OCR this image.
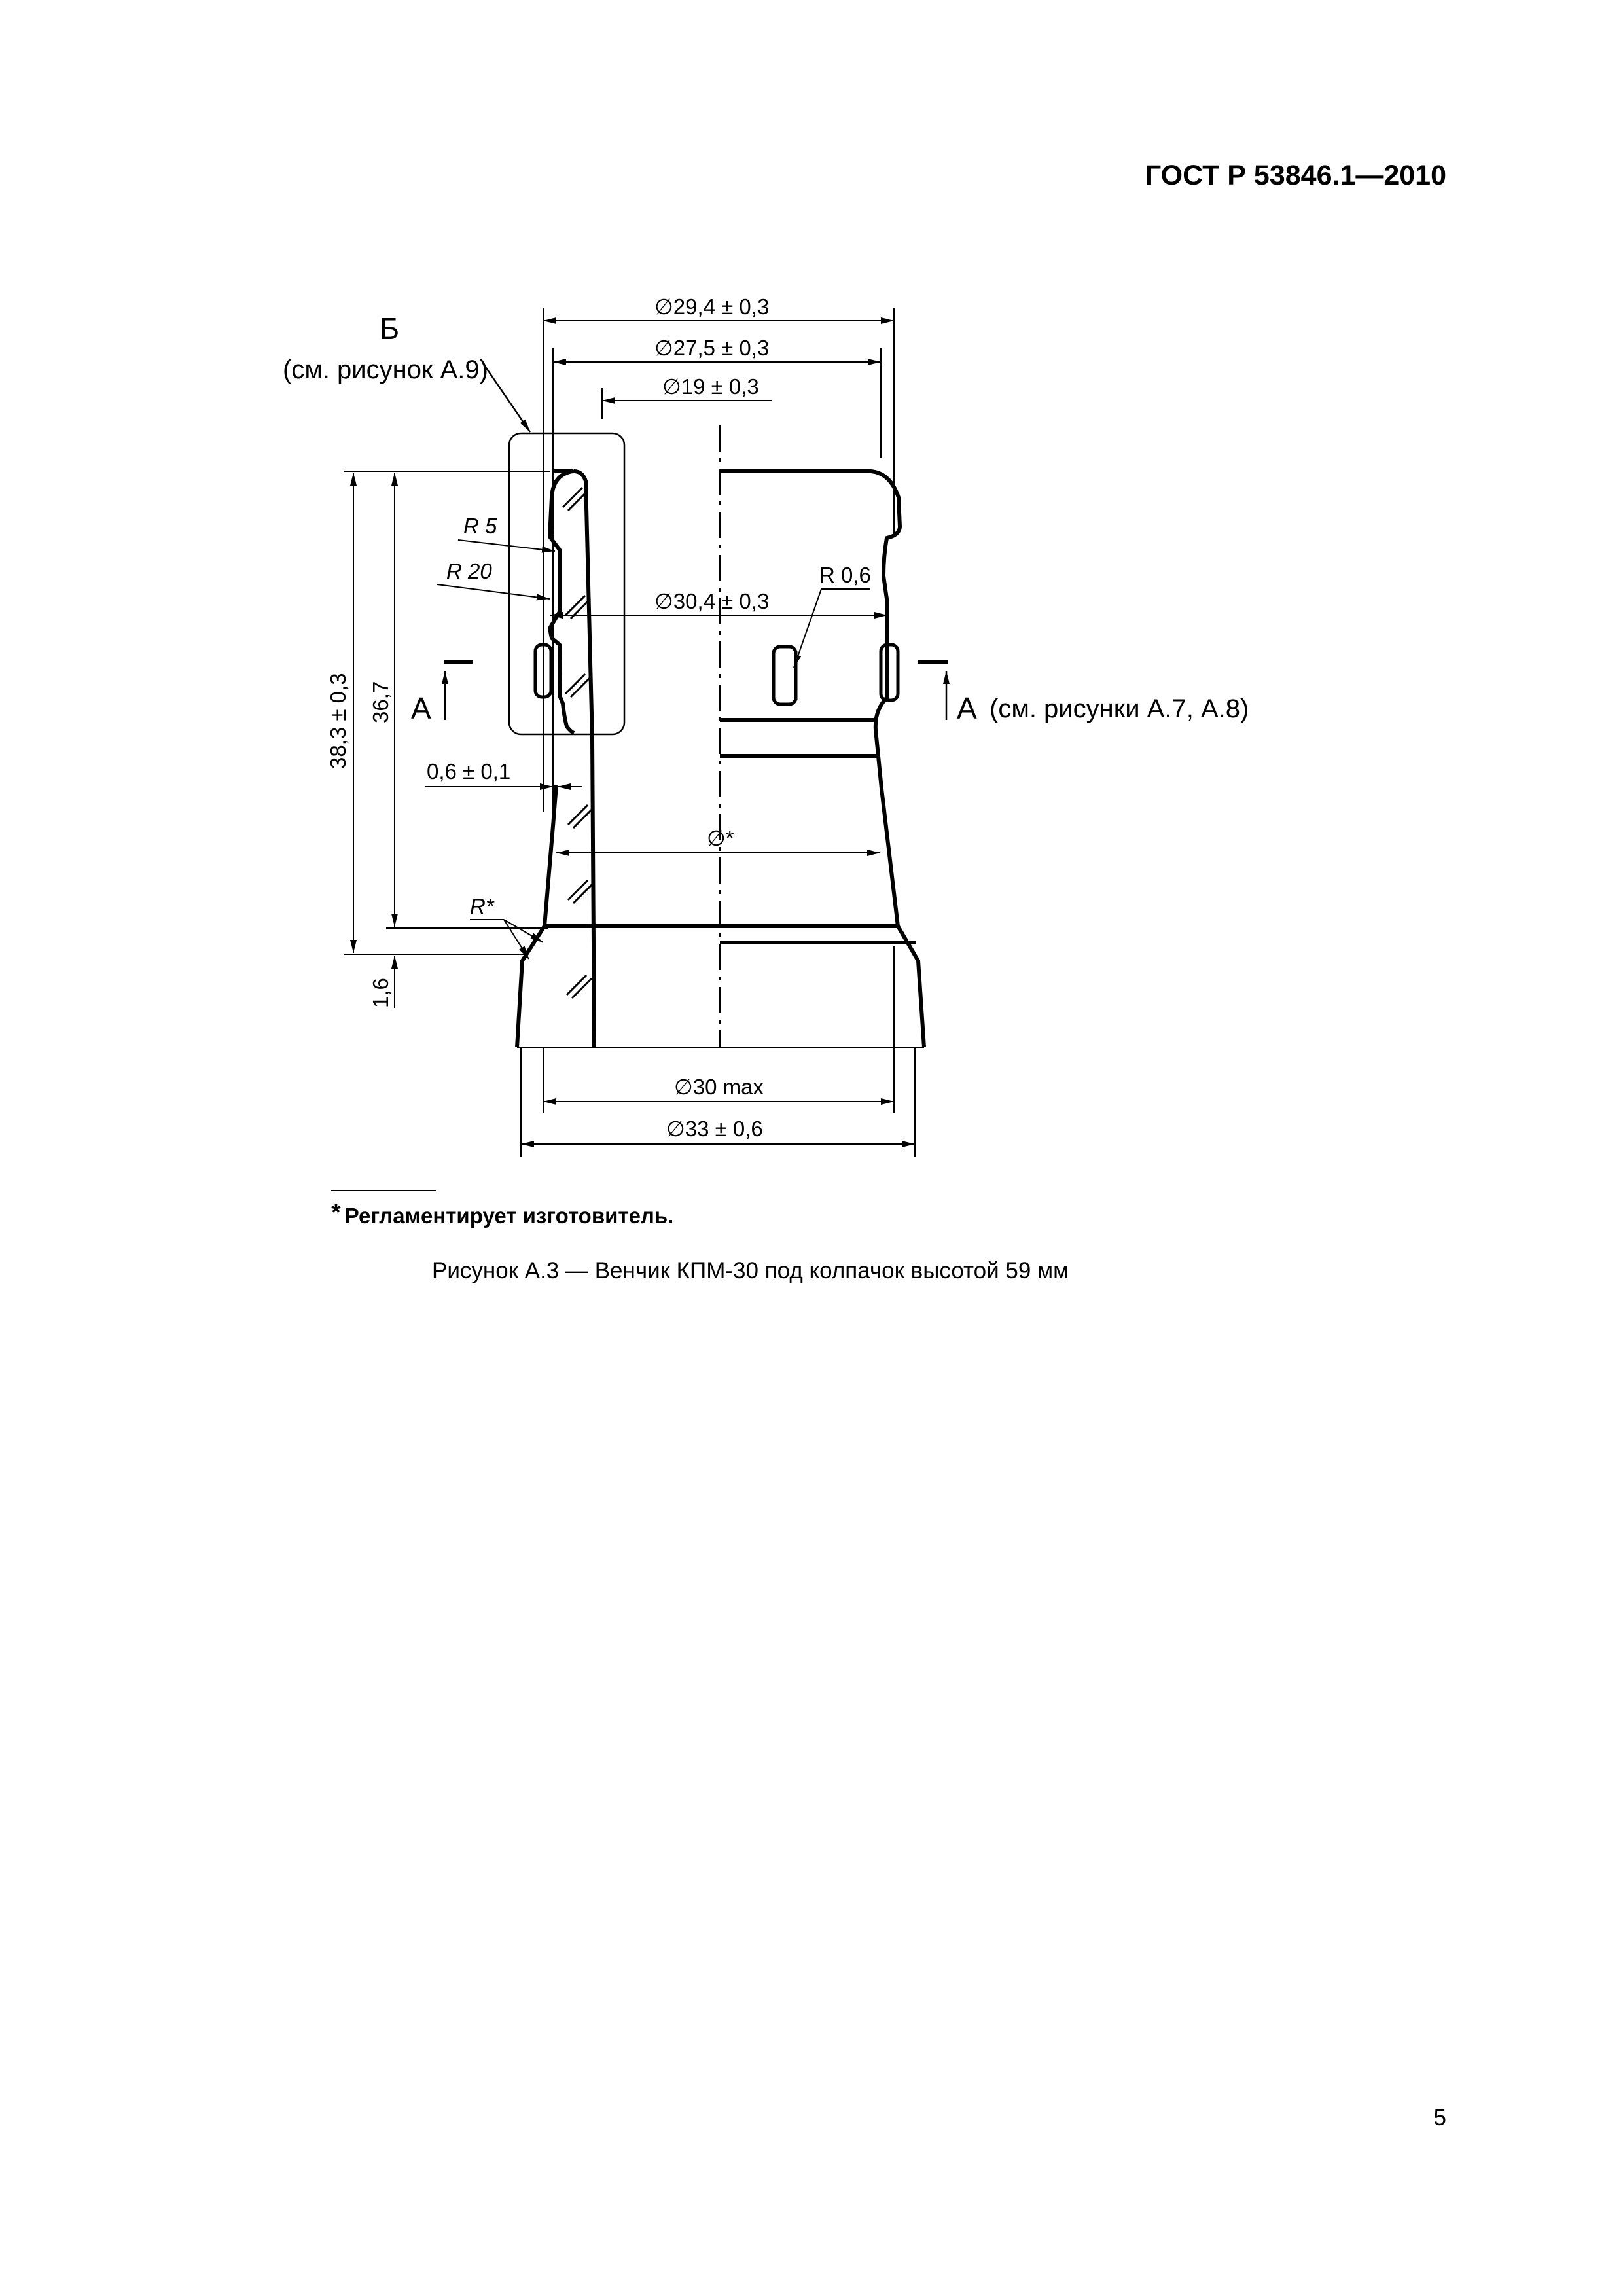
ГОСТ Р 53846.1—2010
Б
(см. рисунок А.9)
∅29,4 ± 0,3
∅27,5 ± 0,3
∅19 ± 0,3
∅30,4 ± 0,3
R 0,6
R 5
R 20
А	А (см. рисунки А.7, А.8)
38,3 ± 0,3 36,7
1,6
0,6 ± 0,1
∅*
R*
∅30 max
∅33 ± 0,6
* Регламентирует изготовитель.
Рисунок А.3 — Венчик КПМ-30 под колпачок высотой 59 мм
5
